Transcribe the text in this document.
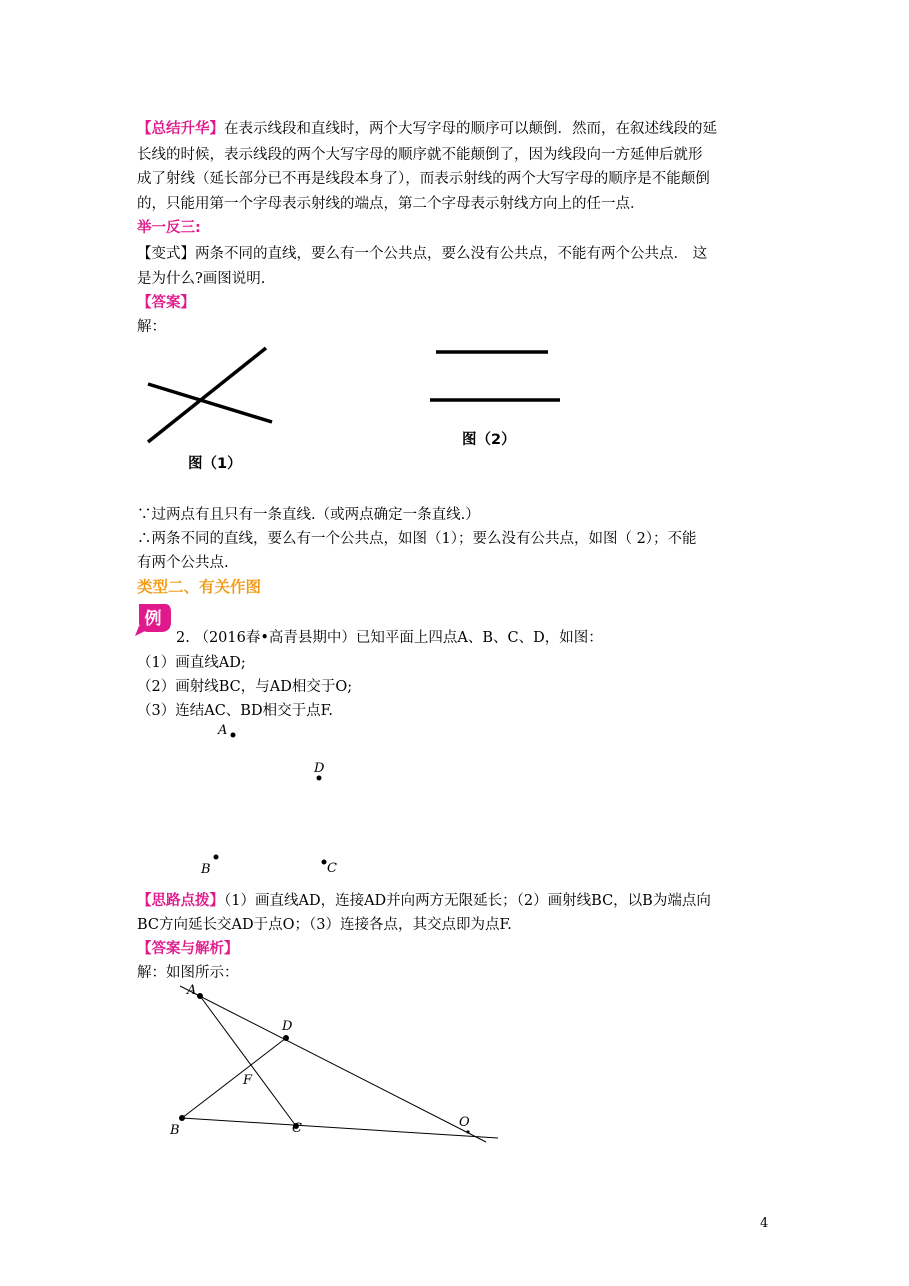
【总结升华】在表示线段和直线时，两个大写字母的顺序可以颠倒．然而，在叙述线段的延
长线的时候，表示线段的两个大写字母的顺序就不能颠倒了，因为线段向一方延伸后就形
成了射线（延长部分已不再是线段本身了），而表示射线的两个大写字母的顺序是不能颠倒
的，只能用第一个字母表示射线的端点，第二个字母表示射线方向上的任一点．
举一反三:
【变式】两条不同的直线，要么有一个公共点，要么没有公共点，不能有两个公共点． 这
是为什么?画图说明.
【答案】
解：
图（1）
图（2）
∵过两点有且只有一条直线.（或两点确定一条直线.）
∴两条不同的直线，要么有一个公共点，如图（1）；要么没有公共点，如图（ 2）；不能
有两个公共点.
类型二、有关作图
例
2. （2016春•高青县期中）已知平面上四点A、B、C、D，如图：
（1）画直线AD;
（2）画射线BC，与AD相交于O;
（3）连结AC、BD相交于点F.
A
D
B	C
【思路点拨】（1）画直线AD，连接AD并向两方无限延长；（2）画射线BC，以B为端点向
BC方向延长交AD于点O；（3）连接各点，其交点即为点F.
【答案与解析】
解：如图所示：
A
D
F
B	C	O
4
